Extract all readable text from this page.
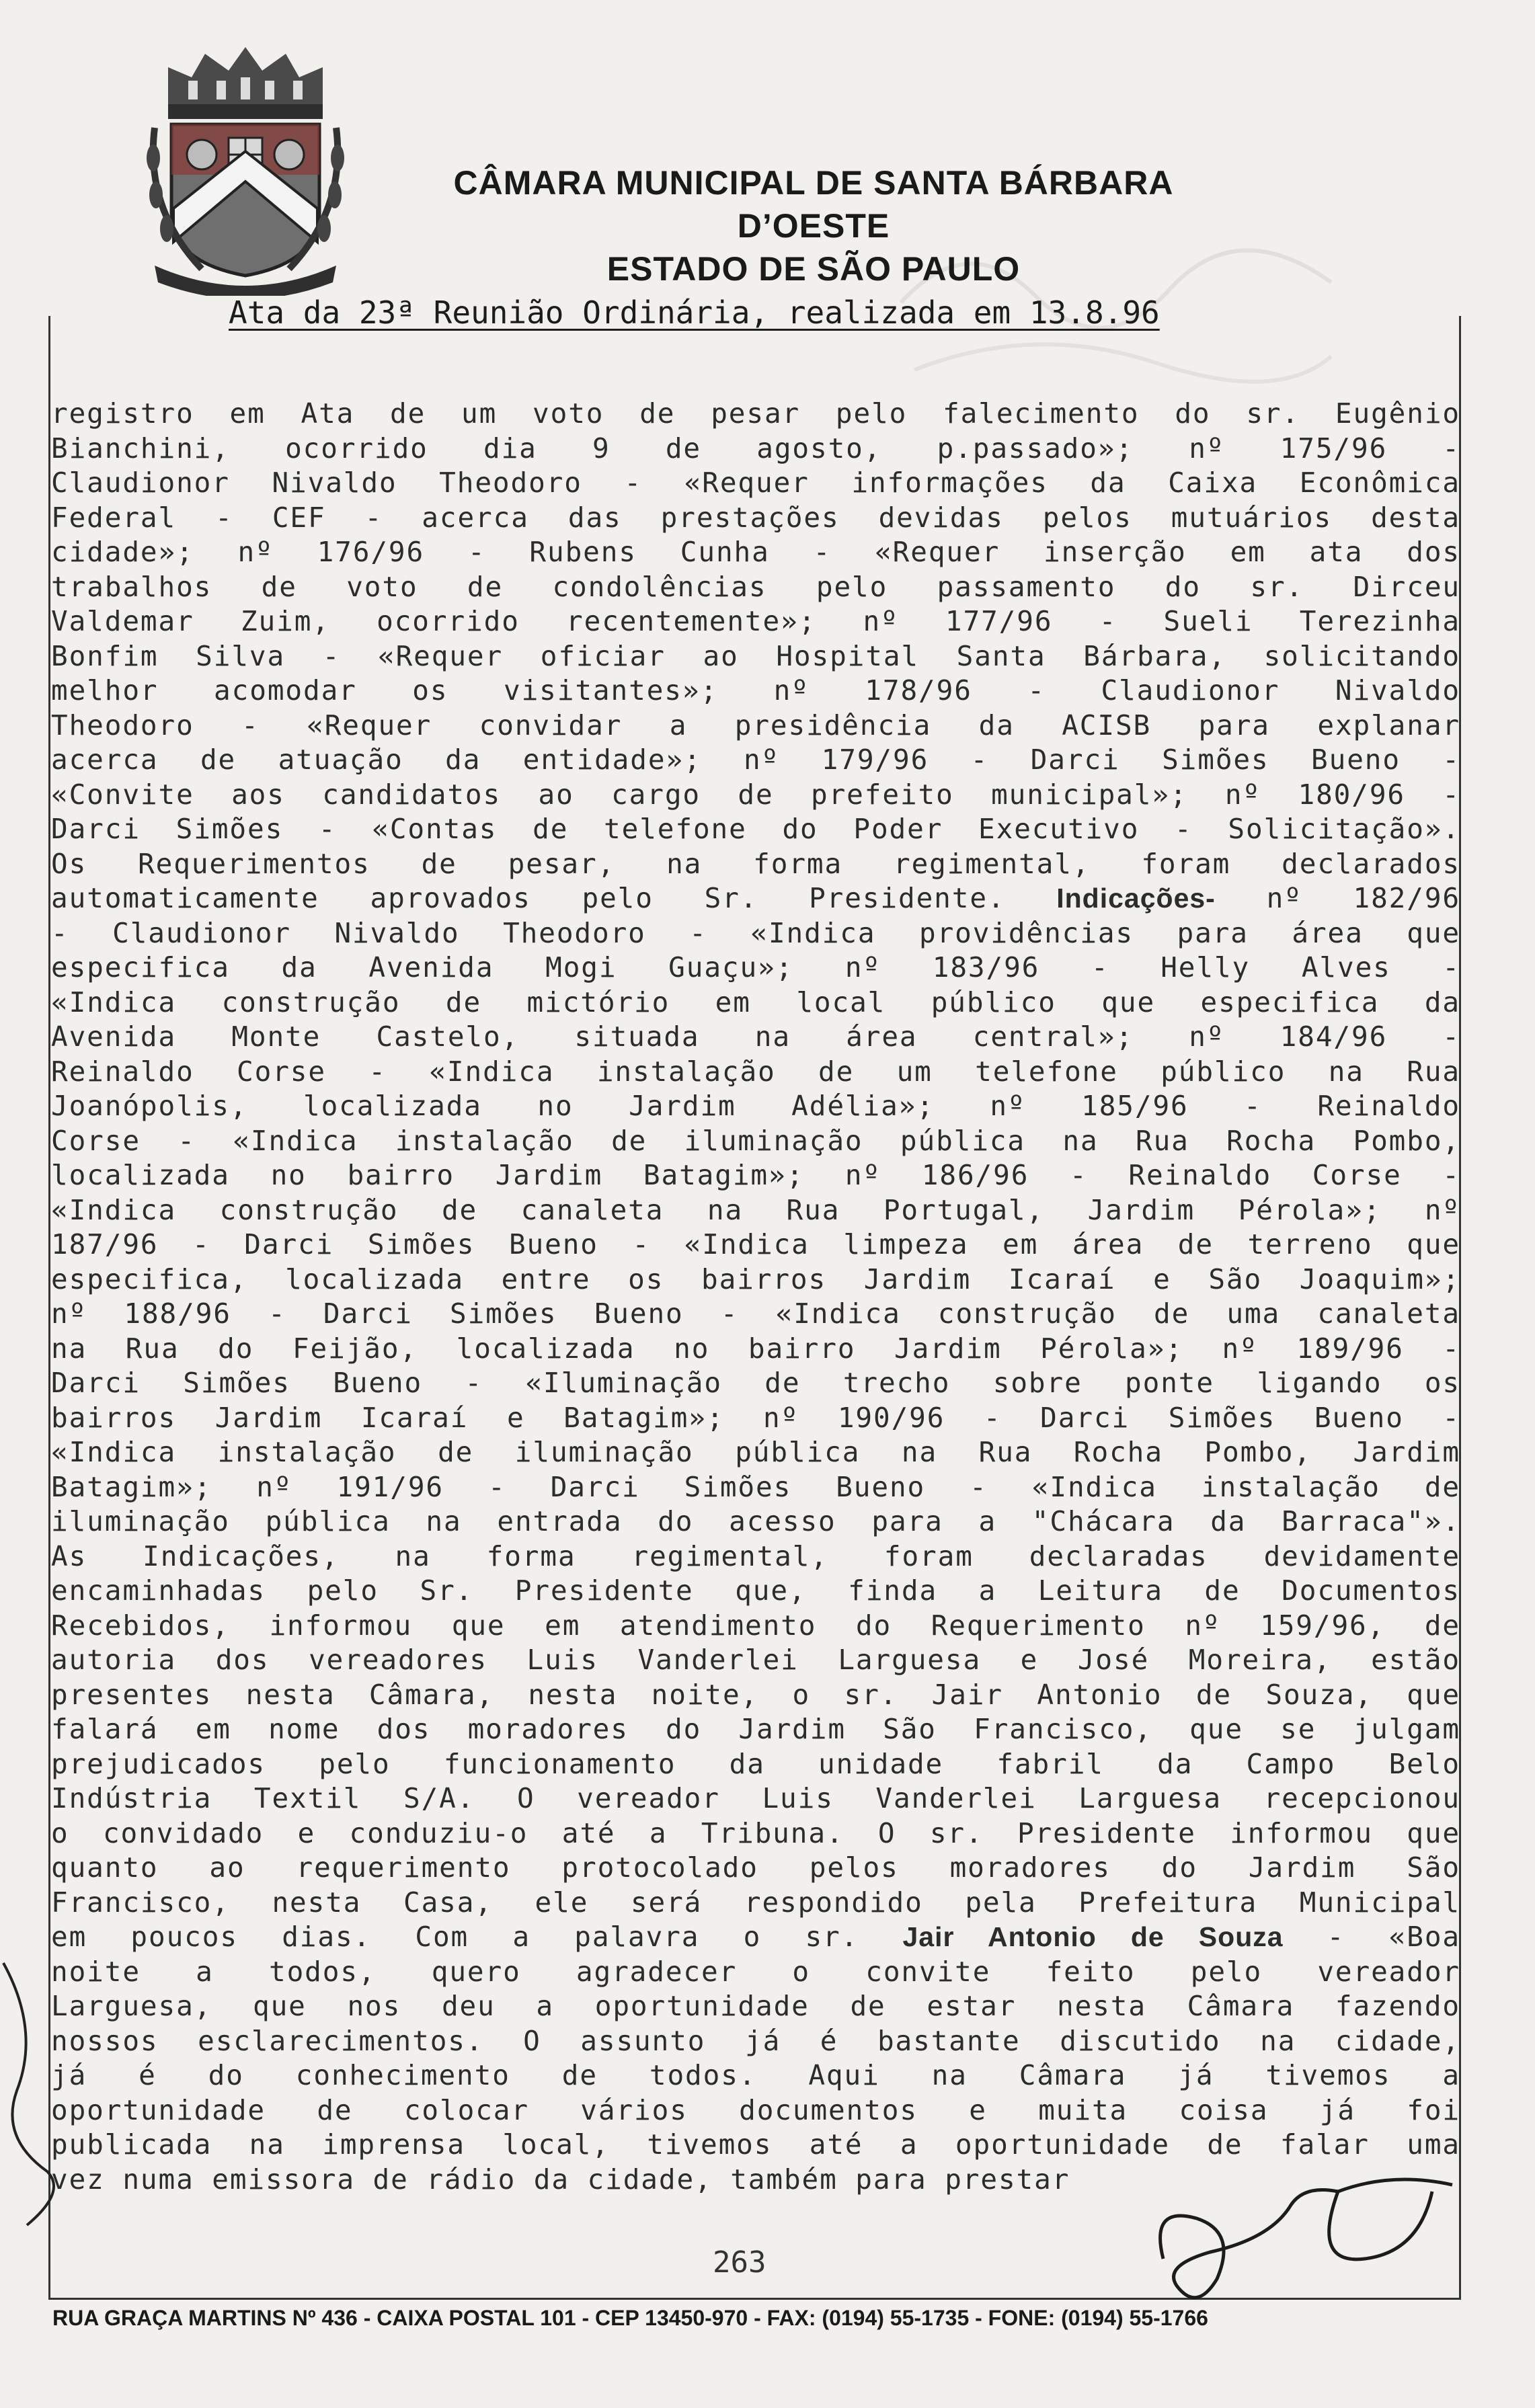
CÂMARA MUNICIPAL DE SANTA BÁRBARA D’OESTE
ESTADO DE SÃO PAULO
Ata da 23ª Reunião Ordinária, realizada em 13.8.96
registro em Ata de um voto de pesar pelo falecimento do sr. Eugênio
Bianchini, ocorrido dia 9 de agosto, p.passado»; nº 175/96 -
Claudionor Nivaldo Theodoro - «Requer informações da Caixa Econômica
Federal - CEF - acerca das prestações devidas pelos mutuários desta
cidade»; nº 176/96 - Rubens Cunha - «Requer inserção em ata dos
trabalhos de voto de condolências pelo passamento do sr. Dirceu
Valdemar Zuim, ocorrido recentemente»; nº 177/96 - Sueli Terezinha
Bonfim Silva - «Requer oficiar ao Hospital Santa Bárbara, solicitando
melhor acomodar os visitantes»; nº 178/96 - Claudionor Nivaldo
Theodoro - «Requer convidar a presidência da ACISB para explanar
acerca de atuação da entidade»; nº 179/96 - Darci Simões Bueno -
«Convite aos candidatos ao cargo de prefeito municipal»; nº 180/96 -
Darci Simões - «Contas de telefone do Poder Executivo - Solicitação».
Os Requerimentos de pesar, na forma regimental, foram declarados
automaticamente aprovados pelo Sr. Presidente. Indicações- nº 182/96
- Claudionor Nivaldo Theodoro - «Indica providências para área que
especifica da Avenida Mogi Guaçu»; nº 183/96 - Helly Alves -
«Indica construção de mictório em local público que especifica da
Avenida Monte Castelo, situada na área central»; nº 184/96 -
Reinaldo Corse - «Indica instalação de um telefone público na Rua
Joanópolis, localizada no Jardim Adélia»; nº 185/96 - Reinaldo
Corse - «Indica instalação de iluminação pública na Rua Rocha Pombo,
localizada no bairro Jardim Batagim»; nº 186/96 - Reinaldo Corse -
«Indica construção de canaleta na Rua Portugal, Jardim Pérola»; nº
187/96 - Darci Simões Bueno - «Indica limpeza em área de terreno que
especifica, localizada entre os bairros Jardim Icaraí e São Joaquim»;
nº 188/96 - Darci Simões Bueno - «Indica construção de uma canaleta
na Rua do Feijão, localizada no bairro Jardim Pérola»; nº 189/96 -
Darci Simões Bueno - «Iluminação de trecho sobre ponte ligando os
bairros Jardim Icaraí e Batagim»; nº 190/96 - Darci Simões Bueno -
«Indica instalação de iluminação pública na Rua Rocha Pombo, Jardim
Batagim»; nº 191/96 - Darci Simões Bueno - «Indica instalação de
iluminação pública na entrada do acesso para a "Chácara da Barraca"».
As Indicações, na forma regimental, foram declaradas devidamente
encaminhadas pelo Sr. Presidente que, finda a Leitura de Documentos
Recebidos, informou que em atendimento do Requerimento nº 159/96, de
autoria dos vereadores Luis Vanderlei Larguesa e José Moreira, estão
presentes nesta Câmara, nesta noite, o sr. Jair Antonio de Souza, que
falará em nome dos moradores do Jardim São Francisco, que se julgam
prejudicados pelo funcionamento da unidade fabril da Campo Belo
Indústria Textil S/A. O vereador Luis Vanderlei Larguesa recepcionou
o convidado e conduziu-o até a Tribuna. O sr. Presidente informou que
quanto ao requerimento protocolado pelos moradores do Jardim São
Francisco, nesta Casa, ele será respondido pela Prefeitura Municipal
em poucos dias. Com a palavra o sr. Jair Antonio de Souza - «Boa
noite a todos, quero agradecer o convite feito pelo vereador
Larguesa, que nos deu a oportunidade de estar nesta Câmara fazendo
nossos esclarecimentos. O assunto já é bastante discutido na cidade,
já é do conhecimento de todos. Aqui na Câmara já tivemos a
oportunidade de colocar vários documentos e muita coisa já foi
publicada na imprensa local, tivemos até a oportunidade de falar uma
vez numa emissora de rádio da cidade, também para prestar
263
RUA GRAÇA MARTINS Nº 436 - CAIXA POSTAL 101 - CEP 13450-970 - FAX: (0194) 55-1735 - FONE: (0194) 55-1766
